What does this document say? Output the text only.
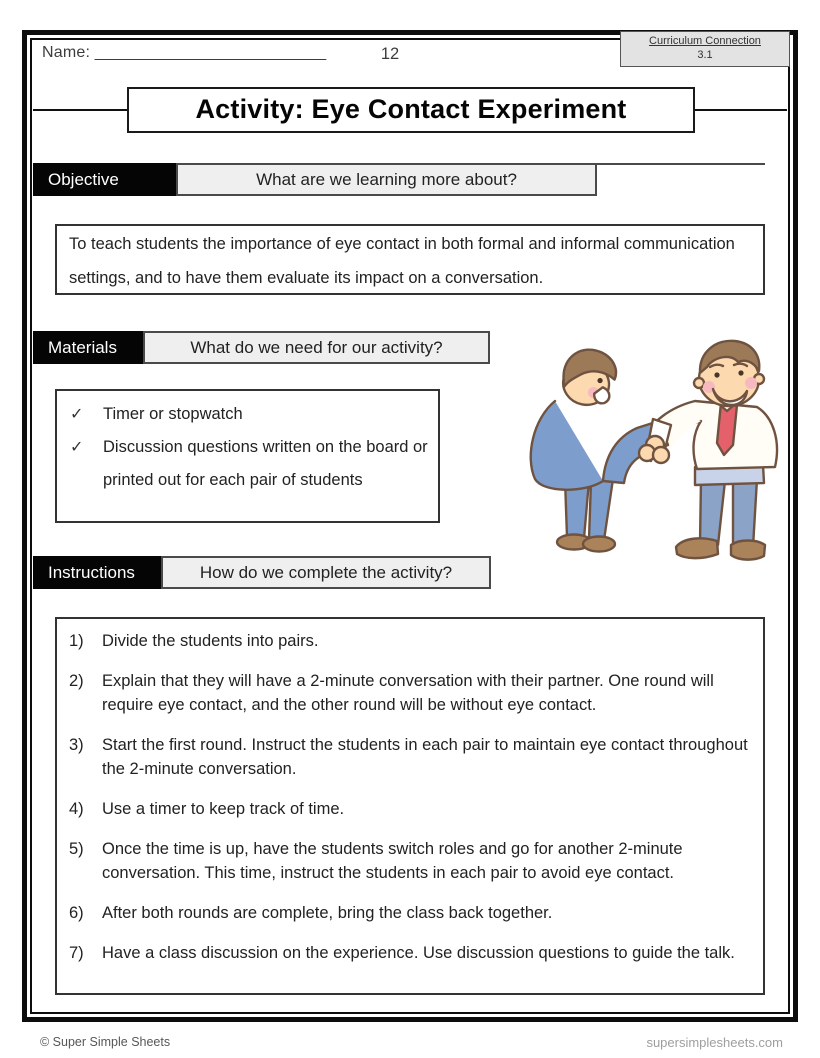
Name: __________________________	12
Curriculum Connection
3.1
Activity: Eye Contact Experiment
Objective	What are we learning more about?

To teach students the importance of eye contact in both formal and informal communication settings, and to have them evaluate its impact on a conversation.

Materials	What do we need for our activity?
✓ Timer or stopwatch
✓ Discussion questions written on the board or printed out for each pair of students
Instructions	How do we complete the activity?
1) Divide the students into pairs.
2) Explain that they will have a 2-minute conversation with their partner. One round will require eye contact, and the other round will be without eye contact.
3) Start the first round. Instruct the students in each pair to maintain eye contact throughout the 2-minute conversation.
4) Use a timer to keep track of time.
5) Once the time is up, have the students switch roles and go for another 2-minute conversation. This time, instruct the students in each pair to avoid eye contact.
6) After both rounds are complete, bring the class back together.
7) Have a class discussion on the experience. Use discussion questions to guide the talk.
© Super Simple Sheets	supersimplesheets.com
